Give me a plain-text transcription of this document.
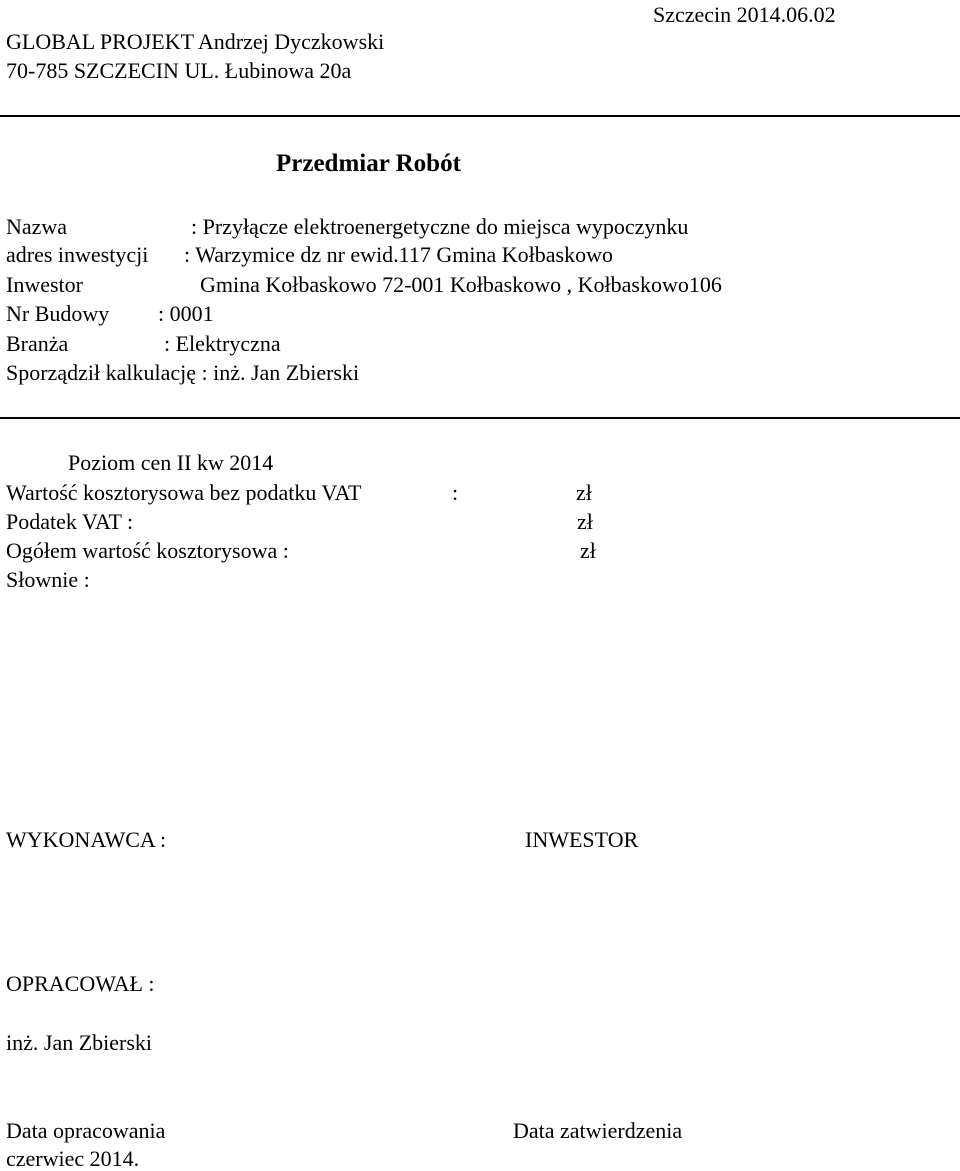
GLOBAL PROJEKT Andrzej Dyczkowski
70-785 SZCZECIN UL. Łubinowa 20a
Szczecin 2014.06.02
Przedmiar Robót
Nazwa	: Przyłącze elektroenergetyczne do miejsca wypoczynku
adres inwestycji : Warzymice dz nr ewid.117 Gmina Kołbaskowo
Inwestor	Gmina Kołbaskowo 72-001 Kołbaskowo , Kołbaskowo106
Nr Budowy : 0001
Branża	: Elektryczna
Sporządził kalkulację : inż. Jan Zbierski
Poziom cen II kw 2014
Wartość kosztorysowa bez podatku VAT	:	zł
Podatek VAT :	zł
Ogółem wartość kosztorysowa :	zł
Słownie :
WYKONAWCA :	INWESTOR
OPRACOWAŁ :
inż. Jan Zbierski
Data opracowania
czerwiec 2014.
Data zatwierdzenia
